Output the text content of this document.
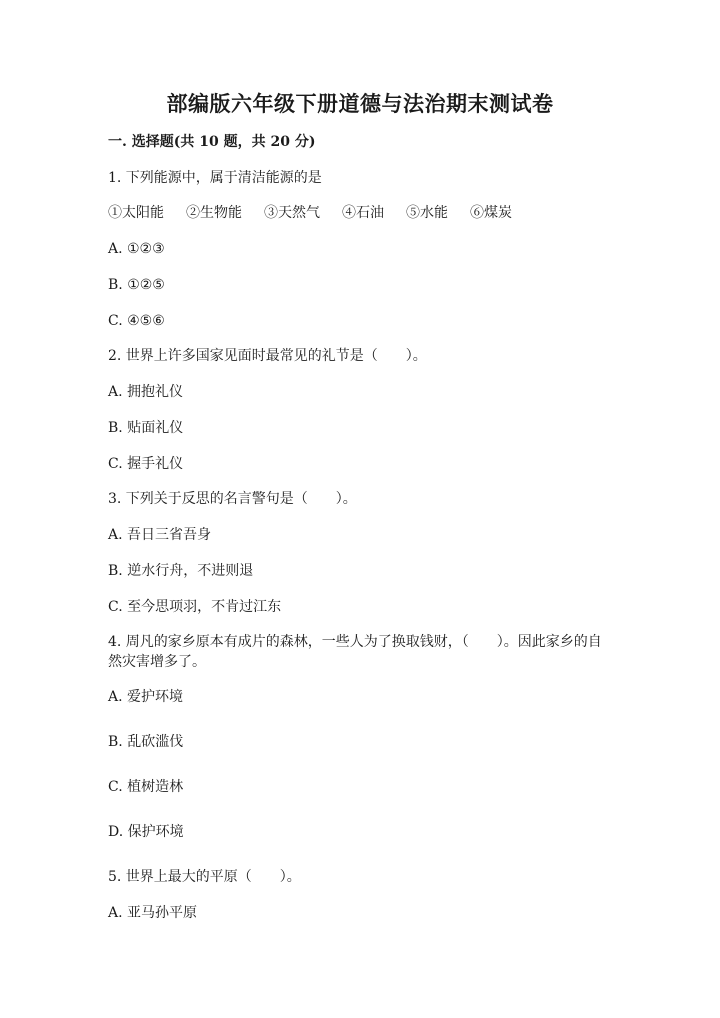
部编版六年级下册道德与法治期末测试卷
一. 选择题(共 10 题，共 20 分)
1. 下列能源中，属于清洁能源的是
①太阳能 ②生物能 ③天然气 ④石油 ⑤水能 ⑥煤炭
A. ①②③
B. ①②⑤
C. ④⑤⑥
2. 世界上许多国家见面时最常见的礼节是（　　）。
A. 拥抱礼仪
B. 贴面礼仪
C. 握手礼仪
3. 下列关于反思的名言警句是（　　）。
A. 吾日三省吾身
B. 逆水行舟，不进则退
C. 至今思项羽，不肯过江东
4. 周凡的家乡原本有成片的森林，一些人为了换取钱财，（　　）。因此家乡的自然灾害增多了。
A. 爱护环境
B. 乱砍滥伐
C. 植树造林
D. 保护环境
5. 世界上最大的平原（　　）。
A. 亚马孙平原
